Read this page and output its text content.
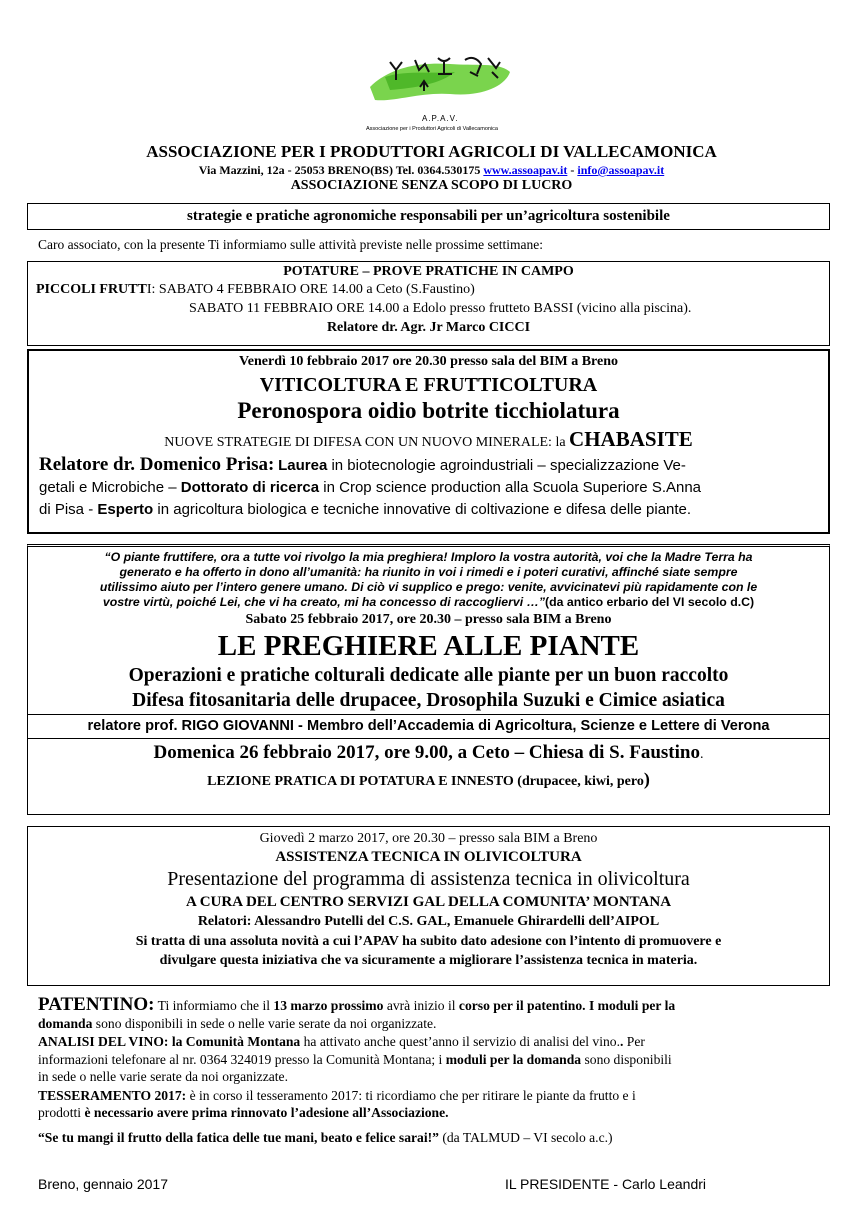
A.P.A.V.
Associazione per i Produttori Agricoli di Vallecamonica
ASSOCIAZIONE PER I PRODUTTORI AGRICOLI DI VALLECAMONICA
Via Mazzini, 12a - 25053 BRENO(BS) Tel. 0364.530175 www.assoapav.it - info@assoapav.it
ASSOCIAZIONE SENZA SCOPO DI LUCRO
strategie e pratiche agronomiche responsabili per un’agricoltura sostenibile
Caro associato, con la presente Ti informiamo sulle attività previste nelle prossime settimane:
POTATURE – PROVE PRATICHE IN CAMPO
PICCOLI FRUTTI: SABATO 4 FEBBRAIO ORE 14.00 a Ceto (S.Faustino)
SABATO 11 FEBBRAIO ORE 14.00 a Edolo presso frutteto BASSI (vicino alla piscina).
Relatore dr. Agr. Jr Marco CICCI
Venerdì 10 febbraio 2017 ore 20.30 presso sala del BIM a Breno
VITICOLTURA E FRUTTICOLTURA
Peronospora oidio botrite ticchiolatura
NUOVE STRATEGIE DI DIFESA CON UN NUOVO MINERALE: la CHABASITE
Relatore dr. Domenico Prisa: Laurea in biotecnologie agroindustriali – specializzazione Ve-
getali e Microbiche – Dottorato di ricerca in Crop science production alla Scuola Superiore S.Anna
di Pisa - Esperto in agricoltura biologica e tecniche innovative di coltivazione e difesa delle piante.
“O piante fruttifere, ora a tutte voi rivolgo la mia preghiera! Imploro la vostra autorità, voi che la Madre Terra ha
generato e ha offerto in dono all’umanità: ha riunito in voi i rimedi e i poteri curativi, affinché siate sempre
utilissimo aiuto per l’intero genere umano. Di ciò vi supplico e prego: venite, avvicinatevi più rapidamente con le
vostre virtù, poiché Lei, che vi ha creato, mi ha concesso di raccogliervi …”(da antico erbario del VI secolo d.C)
Sabato 25 febbraio 2017, ore 20.30 – presso sala BIM a Breno
LE PREGHIERE ALLE PIANTE
Operazioni e pratiche colturali dedicate alle piante per un buon raccolto
Difesa fitosanitaria delle drupacee, Drosophila Suzuki e Cimice asiatica
relatore prof. RIGO GIOVANNI - Membro dell’Accademia di Agricoltura, Scienze e Lettere di Verona
Domenica 26 febbraio 2017, ore 9.00, a Ceto – Chiesa di S. Faustino.
LEZIONE PRATICA DI POTATURA E INNESTO (drupacee, kiwi, pero)
Giovedì 2 marzo 2017, ore 20.30 – presso sala BIM a Breno
ASSISTENZA TECNICA IN OLIVICOLTURA
Presentazione del programma di assistenza tecnica in olivicoltura
A CURA DEL CENTRO SERVIZI GAL DELLA COMUNITA’ MONTANA
Relatori: Alessandro Putelli del C.S. GAL, Emanuele Ghirardelli dell’AIPOL
Si tratta di una assoluta novità a cui l’APAV ha subito dato adesione con l’intento di promuovere e
divulgare questa iniziativa che va sicuramente a migliorare l’assistenza tecnica in materia.
PATENTINO: Ti informiamo che il 13 marzo prossimo avrà inizio il corso per il patentino. I moduli per la
domanda sono disponibili in sede o nelle varie serate da noi organizzate.
ANALISI DEL VINO: la Comunità Montana ha attivato anche quest’anno il servizio di analisi del vino.. Per
informazioni telefonare al nr. 0364 324019 presso la Comunità Montana; i moduli per la domanda sono disponibili
in sede o nelle varie serate da noi organizzate.
TESSERAMENTO 2017: è in corso il tesseramento 2017: ti ricordiamo che per ritirare le piante da frutto e i
prodotti è necessario avere prima rinnovato l’adesione all’Associazione.
“Se tu mangi il frutto della fatica delle tue mani, beato e felice sarai!” (da TALMUD – VI secolo a.c.)
Breno, gennaio 2017	IL PRESIDENTE - Carlo Leandri
